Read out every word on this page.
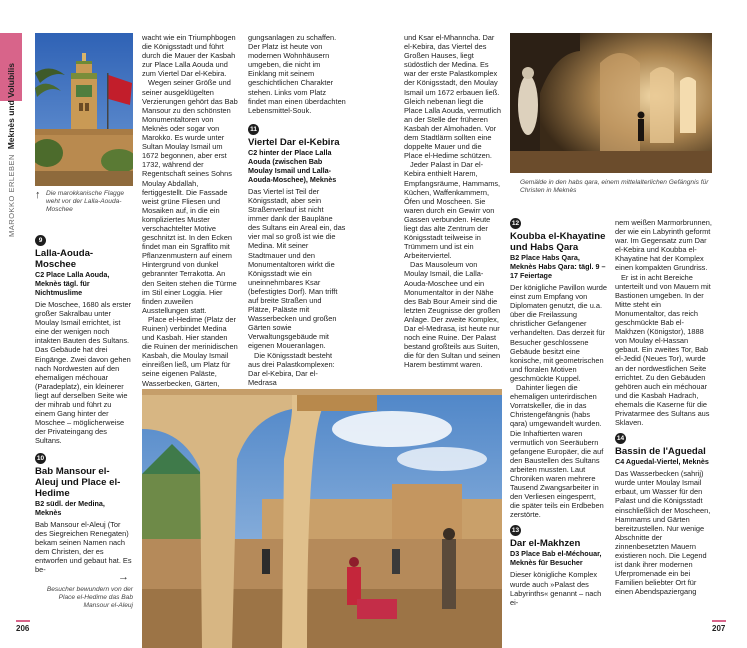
MAROKKO ERLEBEN  Meknès und Volubilis
↑ Die marokkanische Flagge weht vor der Lalla-Aouda-Moschee
9
Lalla-Aouda-Moschee
C2 Place Lalla Aouda, Meknès tägl. für Nichtmuslime

Die Moschee, 1680 als erster großer Sakralbau unter Moulay Ismail errichtet, ist eine der wenigen noch intakten Bauten des Sultans. Das Gebäude hat drei Eingänge. Zwei davon gehen nach Nordwesten auf den ehemaligen méchouar (Paradeplatz), ein kleinerer liegt auf derselben Seite wie der mihrab und führt zu einem Gang hinter der Moschee – möglicherweise der Privateingang des Sultans.

10
Bab Mansour el-Aleuj und Place el-Hedime
B2 südl. der Medina, Meknès

Bab Mansour el-Aleuj (Tor des Siegreichen Renegaten) bekam seinen Namen nach dem Christen, der es entworfen und gebaut hat. Es be-

wacht wie ein Triumphbogen die Königsstadt und führt durch die Mauer der Kasbah zur Place Lalla Aouda und zum Viertel Dar el-Kebira.

Wegen seiner Größe und seiner ausgeklügelten Verzierungen gehört das Bab Mansour zu den schönsten Monumentaltoren von Meknès oder sogar von Marokko. Es wurde unter Sultan Moulay Ismail um 1672 begonnen, aber erst 1732, während der Regentschaft seines Sohns Moulay Abdallah, fertiggestellt. Die Fassade weist grüne Fliesen und Mosaiken auf, in die ein kompliziertes Muster verschachtelter Motive geschnitzt ist. In den Ecken findet man ein Sgraffito mit Pflanzenmustern auf einem Hintergrund von dunkel gebrannter Terrakotta. An den Seiten stehen die Türme im Stil einer Loggia. Hier finden zuweilen Ausstellungen statt.

Place el-Hedime (Platz der Ruinen) verbindet Medina und Kasbah. Hier standen die Ruinen der merinidischen Kasbah, die Moulay Ismail einreißen ließ, um Platz für seine eigenen Paläste, Wasserbecken, Gärten,

gungsanlagen zu schaffen. Der Platz ist heute von modernen Wohnhäusern umgeben, die nicht im Einklang mit seinem geschichtlichen Charakter stehen. Links vom Platz findet man einen überdachten Lebensmittel-Souk.

11
Viertel Dar el-Kebira
C2 hinter der Place Lalla Aouda (zwischen Bab Moulay Ismail und Lalla-Aouda-Moschee), Meknès

Das Viertel ist Teil der Königsstadt, aber sein Straßenverlauf ist nicht immer dank der Baupläne des Sultans ein Areal ein, das vier mal so groß ist wie die Medina. Mit seiner Stadtmauer und den Monumentaltoren wirkt die Königsstadt wie ein uneinnehmbares Ksar (befestigtes Dorf). Man trifft auf breite Straßen und Plätze, Paläste mit Wasserbecken und großen Gärten sowie Verwaltungsgebäude mit eigenen Moueranlagen.

Die Königsstadt besteht aus drei Palastkomplexen: Dar el-Kebira, Dar el-Medrasa

und Ksar el-Mhanncha. Dar el-Kebira, das Viertel des Großen Hauses, liegt südöstlich der Medina. Es war der erste Palastkomplex der Königsstadt, den Moulay Ismail um 1672 erbauen ließ. Gleich nebenan liegt die Place Lalla Aouda, vermutlich an der Stelle der früheren Kasbah der Almohaden. Vor dem Stadtlärm sollten eine doppelte Mauer und die Place el-Hedime schützen.

Jeder Palast in Dar el-Kebira enthielt Harem, Empfangsräume, Hammams, Küchen, Waffenkammern, Öfen und Moscheen. Sie waren durch ein Gewirr von Gassen verbunden. Heute liegt das alte Zentrum der Königsstadt teilweise in Trümmern und ist ein Arbeiterviertel.

Das Mausoleum von Moulay Ismail, die Lalla-Aouda-Moschee und ein Monumentaltor in der Nähe des Bab Bour Ameir sind die letzten Zeugnisse der großen Anlage. Der zweite Komplex, Dar el-Medrasa, ist heute nur noch eine Ruine. Der Palast bestand großteils aus Suiten, die für den Sultan und seinen Harem bestimmt waren.

Gemälde in den habs qara, einem mittelalterlichen Gefängnis für Christen in Meknès
12
Koubba el-Khayatine und Habs Qara
B2 Place Habs Qara, Meknès Habs Qara: tägl. 9 –17 Feiertage

Der königliche Pavillon wurde einst zum Empfang von Diplomaten genutzt, die u.a. über die Freilassung christlicher Gefangener verhandelten. Das derzeit für Besucher geschlossene Gebäude besitzt eine konische, mit geometrischen und floralen Motiven geschmückte Kuppel.

Dahinter liegen die ehemaligen unterirdischen Vorratskeller, die in das Christengefängnis (habs qara) umgewandelt wurden. Die Inhaftierten waren vermutlich von Seeräubern gefangene Europäer, die auf den Baustellen des Sultans arbeiten mussten. Laut Chroniken waren mehrere Tausend Zwangsarbeiter in den Verliesen eingesperrt, die später teils ein Erdbeben zerstörte.

13
Dar el-Makhzen
D3 Place Bab el-Méchouar, Meknès für Besucher

Dieser königliche Komplex wurde auch »Palast des Labyrinths« genannt – nach ei-

nem weißen Marmorbrunnen, der wie ein Labyrinth geformt war. Im Gegensatz zum Dar el-Kebira und Koubba el-Khayatine hat der Komplex einen kompakten Grundriss.

Er ist in acht Bereiche unterteilt und von Mauern mit Bastionen umgeben. In der Mitte steht ein Monumentaltor, das reich geschmückte Bab el-Makhzen (Königstor), 1888 von Moulay el-Hassan gebaut. Ein zweites Tor, Bab el-Jedid (Neues Tor), wurde an der nordwestlichen Seite errichtet. Zu den Gebäuden gehören auch ein méchouar und die Kasbah Hadrach, ehemals die Kaserne für die Privatarmee des Sultans aus Sklaven.

14
Bassin de l'Aguedal
C4 Aguedal-Viertel, Meknès

Das Wasserbecken (sahrij) wurde unter Moulay Ismail erbaut, um Wasser für den Palast und die Königsstadt einschließlich der Moscheen, Hammams und Gärten bereitzustellen. Nur wenige Abschnitte der zinnenbesetzten Mauern existieren noch. Die Legend ist dank ihrer modernen Uferpromenade ein bei Familien beliebter Ort für einen Abendspaziergang

→
Besucher bewundern von der Place el-Hedime das Bab Mansour el-Aleuj
206	207
